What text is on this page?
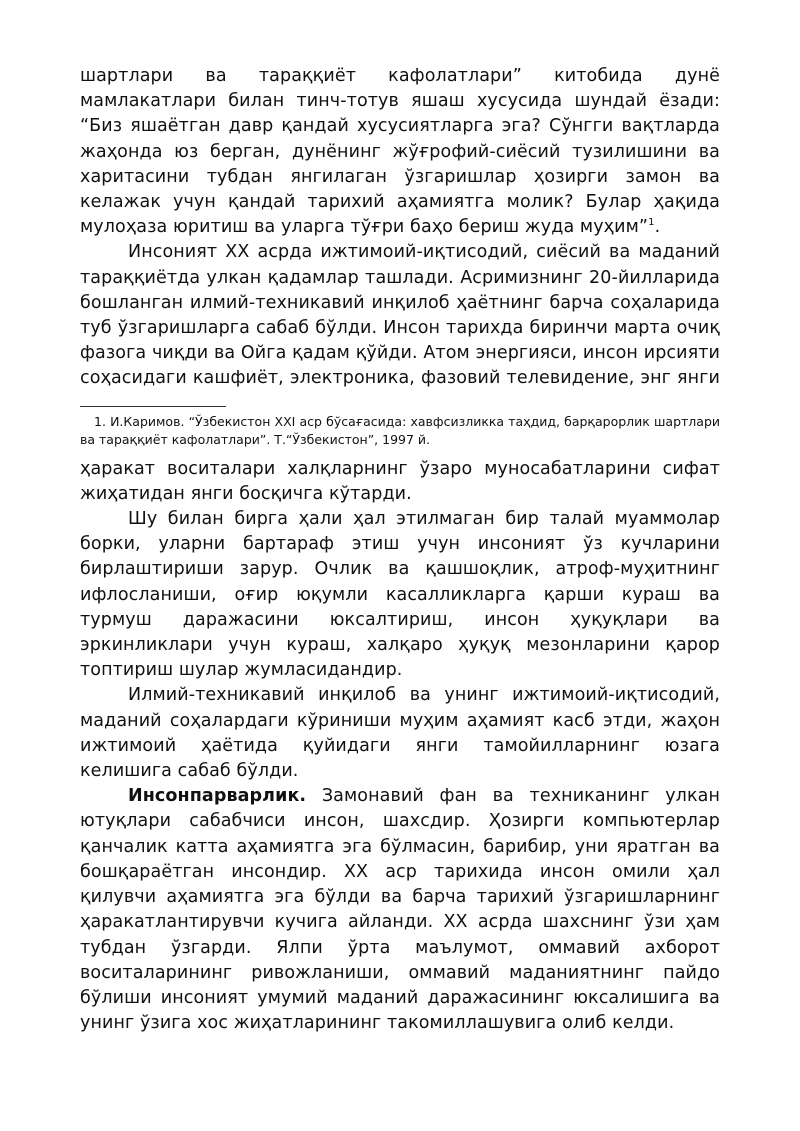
шартлари ва тараққиёт кафолатлари” китобида дунё мамлакатлари билан тинч-тотув яшаш хусусида шундай ёзади: “Биз яшаётган давр қандай хусусиятларга эга? Сўнгги вақтларда жаҳонда юз берган, дунёнинг жўғрофий-сиёсий тузилишини ва харитасини тубдан янгилаган ўзгаришлар ҳозирги замон ва келажак учун қандай тарихий аҳамиятга молик? Булар ҳақида мулоҳаза юритиш ва уларга тўғри баҳо бериш жуда муҳим”$^1$.

Инсоният XX асрда ижтимоий-иқтисодий, сиёсий ва маданий тараққиётда улкан қадамлар ташлади. Асримизнинг 20-йилларида бошланган илмий-техникавий инқилоб ҳаётнинг барча соҳаларида туб ўзгаришларга сабаб бўлди. Инсон тарихда биринчи марта очиқ фазога чиқди ва Ойга қадам қўйди. Атом энергияси, инсон ирсияти соҳасидаги кашфиёт, электроника, фазовий телевидение, энг янги

1. И.Каримов. “Ўзбекистон XXI аср бўсағасида: хавфсизликка таҳдид, барқарорлик шартлари ва тараққиёт кафолатлари”. Т.“Ўзбекистон”, 1997 й.

ҳаракат воситалари халқларнинг ўзаро муносабатларини сифат жиҳатидан янги босқичга кўтарди.

Шу билан бирга ҳали ҳал этилмаган бир талай муаммолар борки, уларни бартараф этиш учун инсоният ўз кучларини бирлаштириши зарур. Очлик ва қашшоқлик, атроф-муҳитнинг ифлосланиши, оғир юқумли касалликларга қарши кураш ва турмуш даражасини юксалтириш, инсон ҳуқуқлари ва эркинликлари учун кураш, халқаро ҳуқуқ мезонларини қарор топтириш шулар жумласидандир.

Илмий-техникавий инқилоб ва унинг ижтимоий-иқтисодий, маданий соҳалардаги кўриниши муҳим аҳамият касб этди, жаҳон ижтимоий ҳаётида қуйидаги янги тамойилларнинг юзага келишига сабаб бўлди.

Инсонпарварлик. Замонавий фан ва техниканинг улкан ютуқлари сабабчиси инсон, шахсдир. Ҳозирги компьютерлар қанчалик катта аҳамиятга эга бўлмасин, барибир, уни яратган ва бошқараётган инсондир. XX аср тарихида инсон омили ҳал қилувчи аҳамиятга эга бўлди ва барча тарихий ўзгаришларнинг ҳаракатлантирувчи кучига айланди. XX асрда шахснинг ўзи ҳам тубдан ўзгарди. Ялпи ўрта маълумот, оммавий ахборот воситаларининг ривожланиши, оммавий маданиятнинг пайдо бўлиши инсоният умумий маданий даражасининг юксалишига ва унинг ўзига хос жиҳатларининг такомиллашувига олиб келди.
